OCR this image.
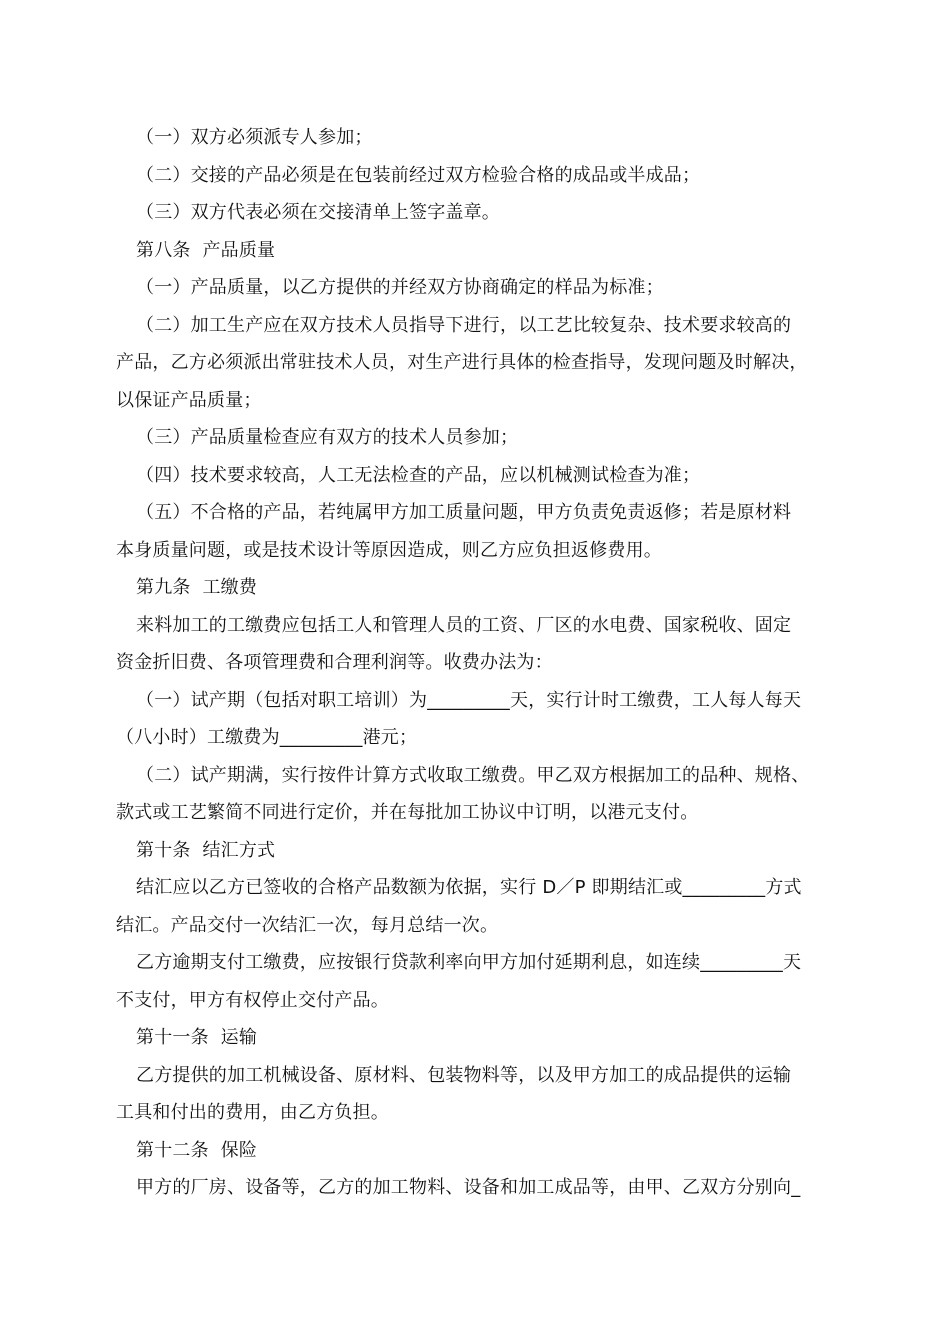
（一）双方必须派专人参加；
（二）交接的产品必须是在包装前经过双方检验合格的成品或半成品；
（三）双方代表必须在交接清单上签字盖章。
第八条  产品质量
（一）产品质量，以乙方提供的并经双方协商确定的样品为标准；
（二）加工生产应在双方技术人员指导下进行，以工艺比较复杂、技术要求较高的
产品，乙方必须派出常驻技术人员，对生产进行具体的检查指导，发现问题及时解决，
以保证产品质量；
（三）产品质量检查应有双方的技术人员参加；
（四）技术要求较高，人工无法检查的产品，应以机械测试检查为准；
（五）不合格的产品，若纯属甲方加工质量问题，甲方负责免责返修；若是原材料
本身质量问题，或是技术设计等原因造成，则乙方应负担返修费用。
第九条  工缴费
来料加工的工缴费应包括工人和管理人员的工资、厂区的水电费、国家税收、固定
资金折旧费、各项管理费和合理利润等。收费办法为：
（一）试产期（包括对职工培训）为_________天，实行计时工缴费，工人每人每天
（八小时）工缴费为_________港元；
（二）试产期满，实行按件计算方式收取工缴费。甲乙双方根据加工的品种、规格、
款式或工艺繁简不同进行定价，并在每批加工协议中订明，以港元支付。
第十条  结汇方式
结汇应以乙方已签收的合格产品数额为依据，实行 D／P 即期结汇或_________方式
结汇。产品交付一次结汇一次，每月总结一次。
乙方逾期支付工缴费，应按银行贷款利率向甲方加付延期利息，如连续_________天
不支付，甲方有权停止交付产品。
第十一条  运输
乙方提供的加工机械设备、原材料、包装物料等，以及甲方加工的成品提供的运输
工具和付出的费用，由乙方负担。
第十二条  保险
甲方的厂房、设备等，乙方的加工物料、设备和加工成品等，由甲、乙双方分别向_
